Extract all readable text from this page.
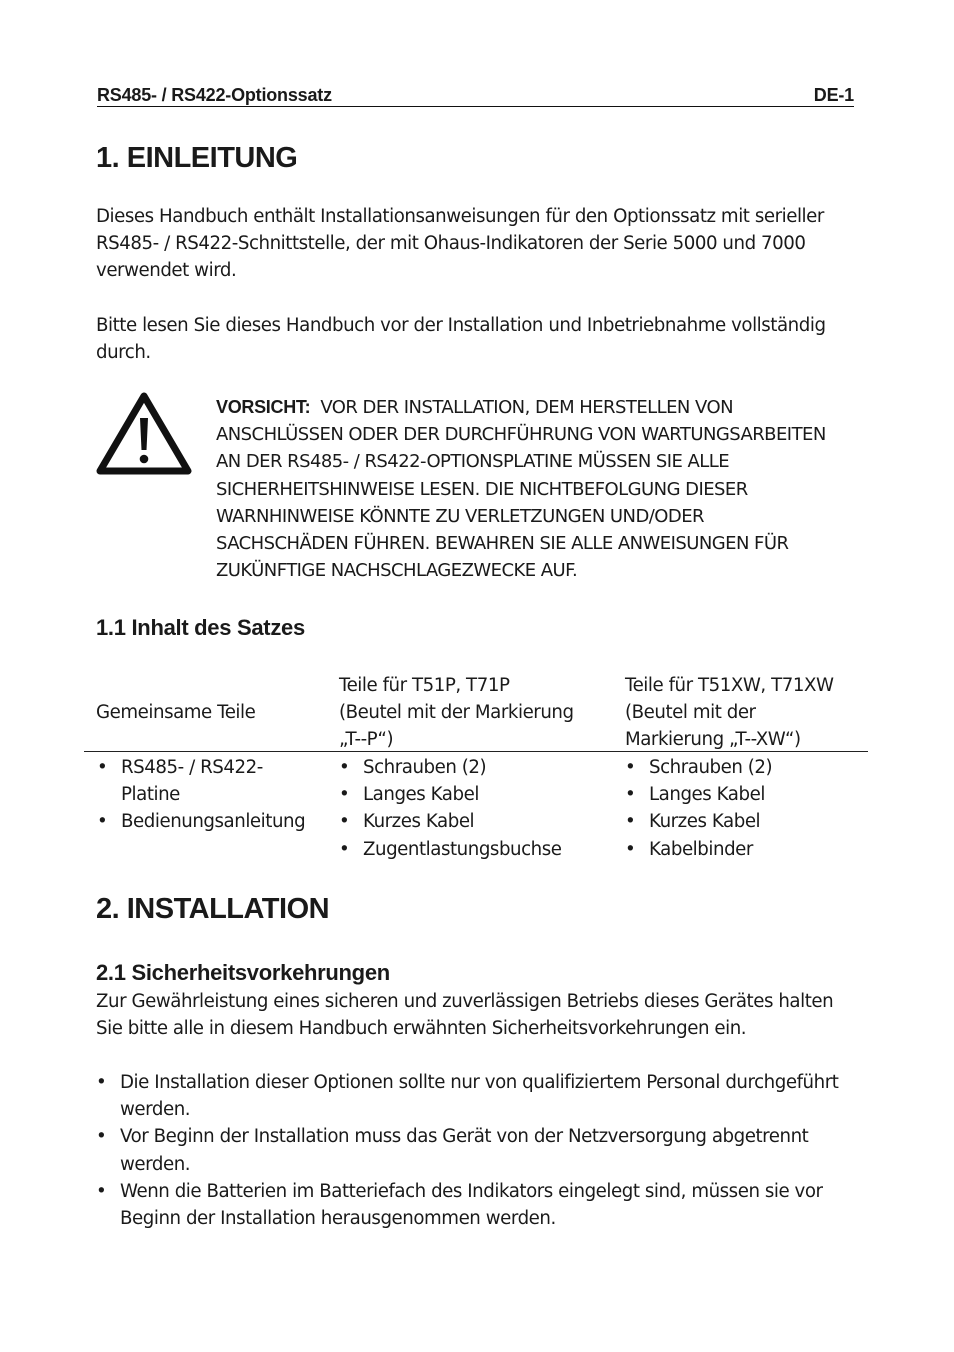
RS485- / RS422-Optionssatz	DE-1
1. EINLEITUNG

Dieses Handbuch enthält Installationsanweisungen für den Optionssatz mit serieller
RS485- / RS422-Schnittstelle, der mit Ohaus-Indikatoren der Serie 5000 und 7000
verwendet wird.

Bitte lesen Sie dieses Handbuch vor der Installation und Inbetriebnahme vollständig
durch.

VORSICHT: VOR DER INSTALLATION, DEM HERSTELLEN VON
ANSCHLÜSSEN ODER DER DURCHFÜHRUNG VON WARTUNGSARBEITEN
AN DER RS485- / RS422-OPTIONSPLATINE MÜSSEN SIE ALLE
SICHERHEITSHINWEISE LESEN. DIE NICHTBEFOLGUNG DIESER
WARNHINWEISE KÖNNTE ZU VERLETZUNGEN UND/ODER
SACHSCHÄDEN FÜHREN. BEWAHREN SIE ALLE ANWEISUNGEN FÜR
ZUKÜNFTIGE NACHSCHLAGEZWECKE AUF.

1.1 Inhalt des Satzes
Gemeinsame Teile
Teile für T51P, T71P
(Beutel mit der Markierung
„T--P“)
Teile für T51XW, T71XW
(Beutel mit der
Markierung „T--XW“)
• RS485- / RS422-
Platine
• Bedienungsanleitung
• Schrauben (2)
• Langes Kabel
• Kurzes Kabel
• Zugentlastungsbuchse
• Schrauben (2)
• Langes Kabel
• Kurzes Kabel
• Kabelbinder
2. INSTALLATION
2.1 Sicherheitsvorkehrungen

Zur Gewährleistung eines sicheren und zuverlässigen Betriebs dieses Gerätes halten
Sie bitte alle in diesem Handbuch erwähnten Sicherheitsvorkehrungen ein.

• Die Installation dieser Optionen sollte nur von qualifiziertem Personal durchgeführt
werden.
• Vor Beginn der Installation muss das Gerät von der Netzversorgung abgetrennt
werden.
• Wenn die Batterien im Batteriefach des Indikators eingelegt sind, müssen sie vor
Beginn der Installation herausgenommen werden.
